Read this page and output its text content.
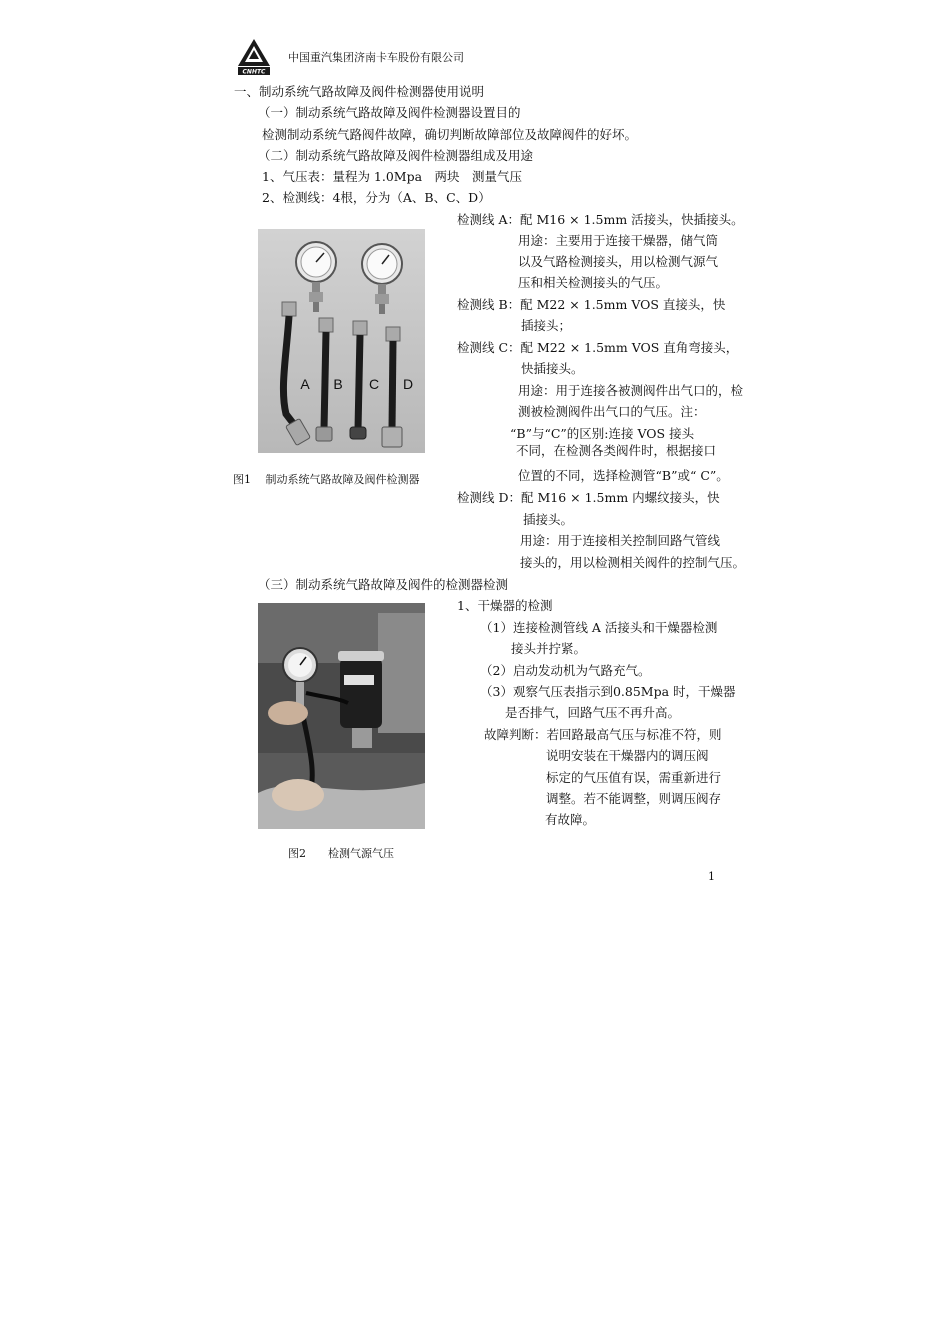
CNHTC
中国重汽集团济南卡车股份有限公司
一、制动系统气路故障及阀件检测器使用说明
（一）制动系统气路故障及阀件检测器设置目的
检测制动系统气路阀件故障，确切判断故障部位及故障阀件的好坏。
（二）制动系统气路故障及阀件检测器组成及用途
1、气压表：量程为 1.0Mpa　两块　测量气压
2、检测线：4根，分为（A、B、C、D）
A B C D
图1　 制动系统气路故障及阀件检测器
检测线 A：配 M16 × 1.5mm 活接头，快插接头。
用途：主要用于连接干燥器，储气筒
以及气路检测接头，用以检测气源气
压和相关检测接头的气压。
检测线 B：配 M22 × 1.5mm VOS 直接头，快
插接头；
检测线 C：配 M22 × 1.5mm VOS 直角弯接头，
快插接头。
用途：用于连接各被测阀件出气口的，检
测被检测阀件出气口的气压。注：
“B”与“C”的区别:连接 VOS 接头
不同，在检测各类阀件时，根据接口
位置的不同，选择检测管“B”或“ C”。
检测线 D：配 M16 × 1.5mm 内螺纹接头，快
插接头。
用途：用于连接相关控制回路气管线
接头的，用以检测相关阀件的控制气压。
（三）制动系统气路故障及阀件的检测器检测
图2　　检测气源气压
1、干燥器的检测
（1）连接检测管线 A 活接头和干燥器检测
接头并拧紧。
（2）启动发动机为气路充气。
（3）观察气压表指示到0.85Mpa 时，干燥器
是否排气，回路气压不再升高。
故障判断：若回路最高气压与标准不符，则
说明安装在干燥器内的调压阀
标定的气压值有误，需重新进行
调整。若不能调整，则调压阀存
有故障。
1
